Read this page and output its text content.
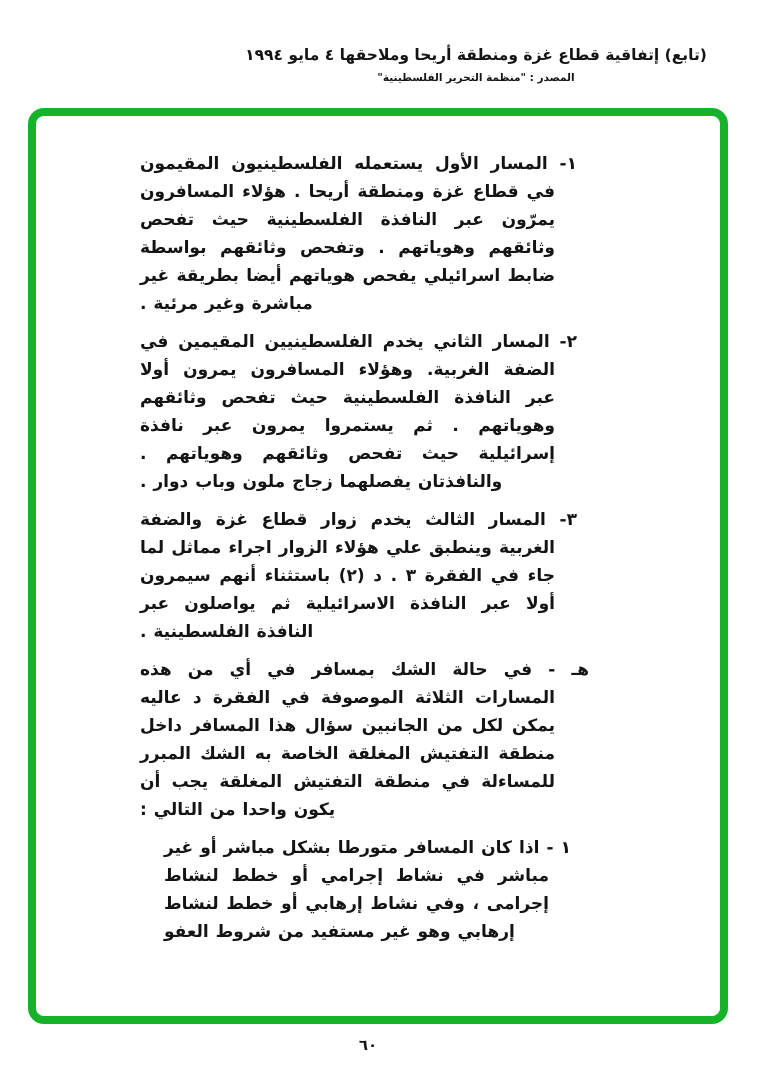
(تابع) إتفاقية قطاع غزة ومنطقة أريحا وملاحقها ٤ مايو ١٩٩٤
المصدر : "منظمة التحرير الفلسطينية"

١- المسار الأول يستعمله الفلسطينيون المقيمون في قطاع غزة ومنطقة أريحا . هؤلاء المسافرون يمرّون عبر النافذة الفلسطينية حيث تفحص وثائقهم وهوياتهم . وتفحص وثائقهم بواسطة ضابط اسرائيلي يفحص هوياتهم أيضا بطريقة غير مباشرة وغير مرئية .

٢- المسار الثاني يخدم الفلسطينيين المقيمين في الضفة الغربية. وهؤلاء المسافرون يمرون أولا عبر النافذة الفلسطينية حيث تفحص وثائقهم وهوياتهم . ثم يستمروا يمرون عبر نافذة إسرائيلية حيث تفحص وثائقهم وهوياتهم . والنافذتان يفصلهما زجاج ملون وباب دوار .

٣- المسار الثالث يخدم زوار قطاع غزة والضفة الغربية وينطبق علي هؤلاء الزوار اجراء مماثل لما جاء في الفقرة ٣ . د (٢) باستثناء أنهم سيمرون أولا عبر النافذة الاسرائيلية ثم يواصلون عبر النافذة الفلسطينية .

هـ - في حالة الشك بمسافر في أي من هذه المسارات الثلاثة الموصوفة في الفقرة د عاليه يمكن لكل من الجانبين سؤال هذا المسافر داخل منطقة التفتيش المغلقة الخاصة به الشك المبرر للمساءلة في منطقة التفتيش المغلقة يجب أن يكون واحدا من التالي :

١ - اذا كان المسافر متورطا بشكل مباشر أو غير مباشر في نشاط إجرامي أو خطط لنشاط إجرامى ، وفي نشاط إرهابي أو خطط لنشاط إرهابي وهو غير مستفيد من شروط العفو

٦٠
